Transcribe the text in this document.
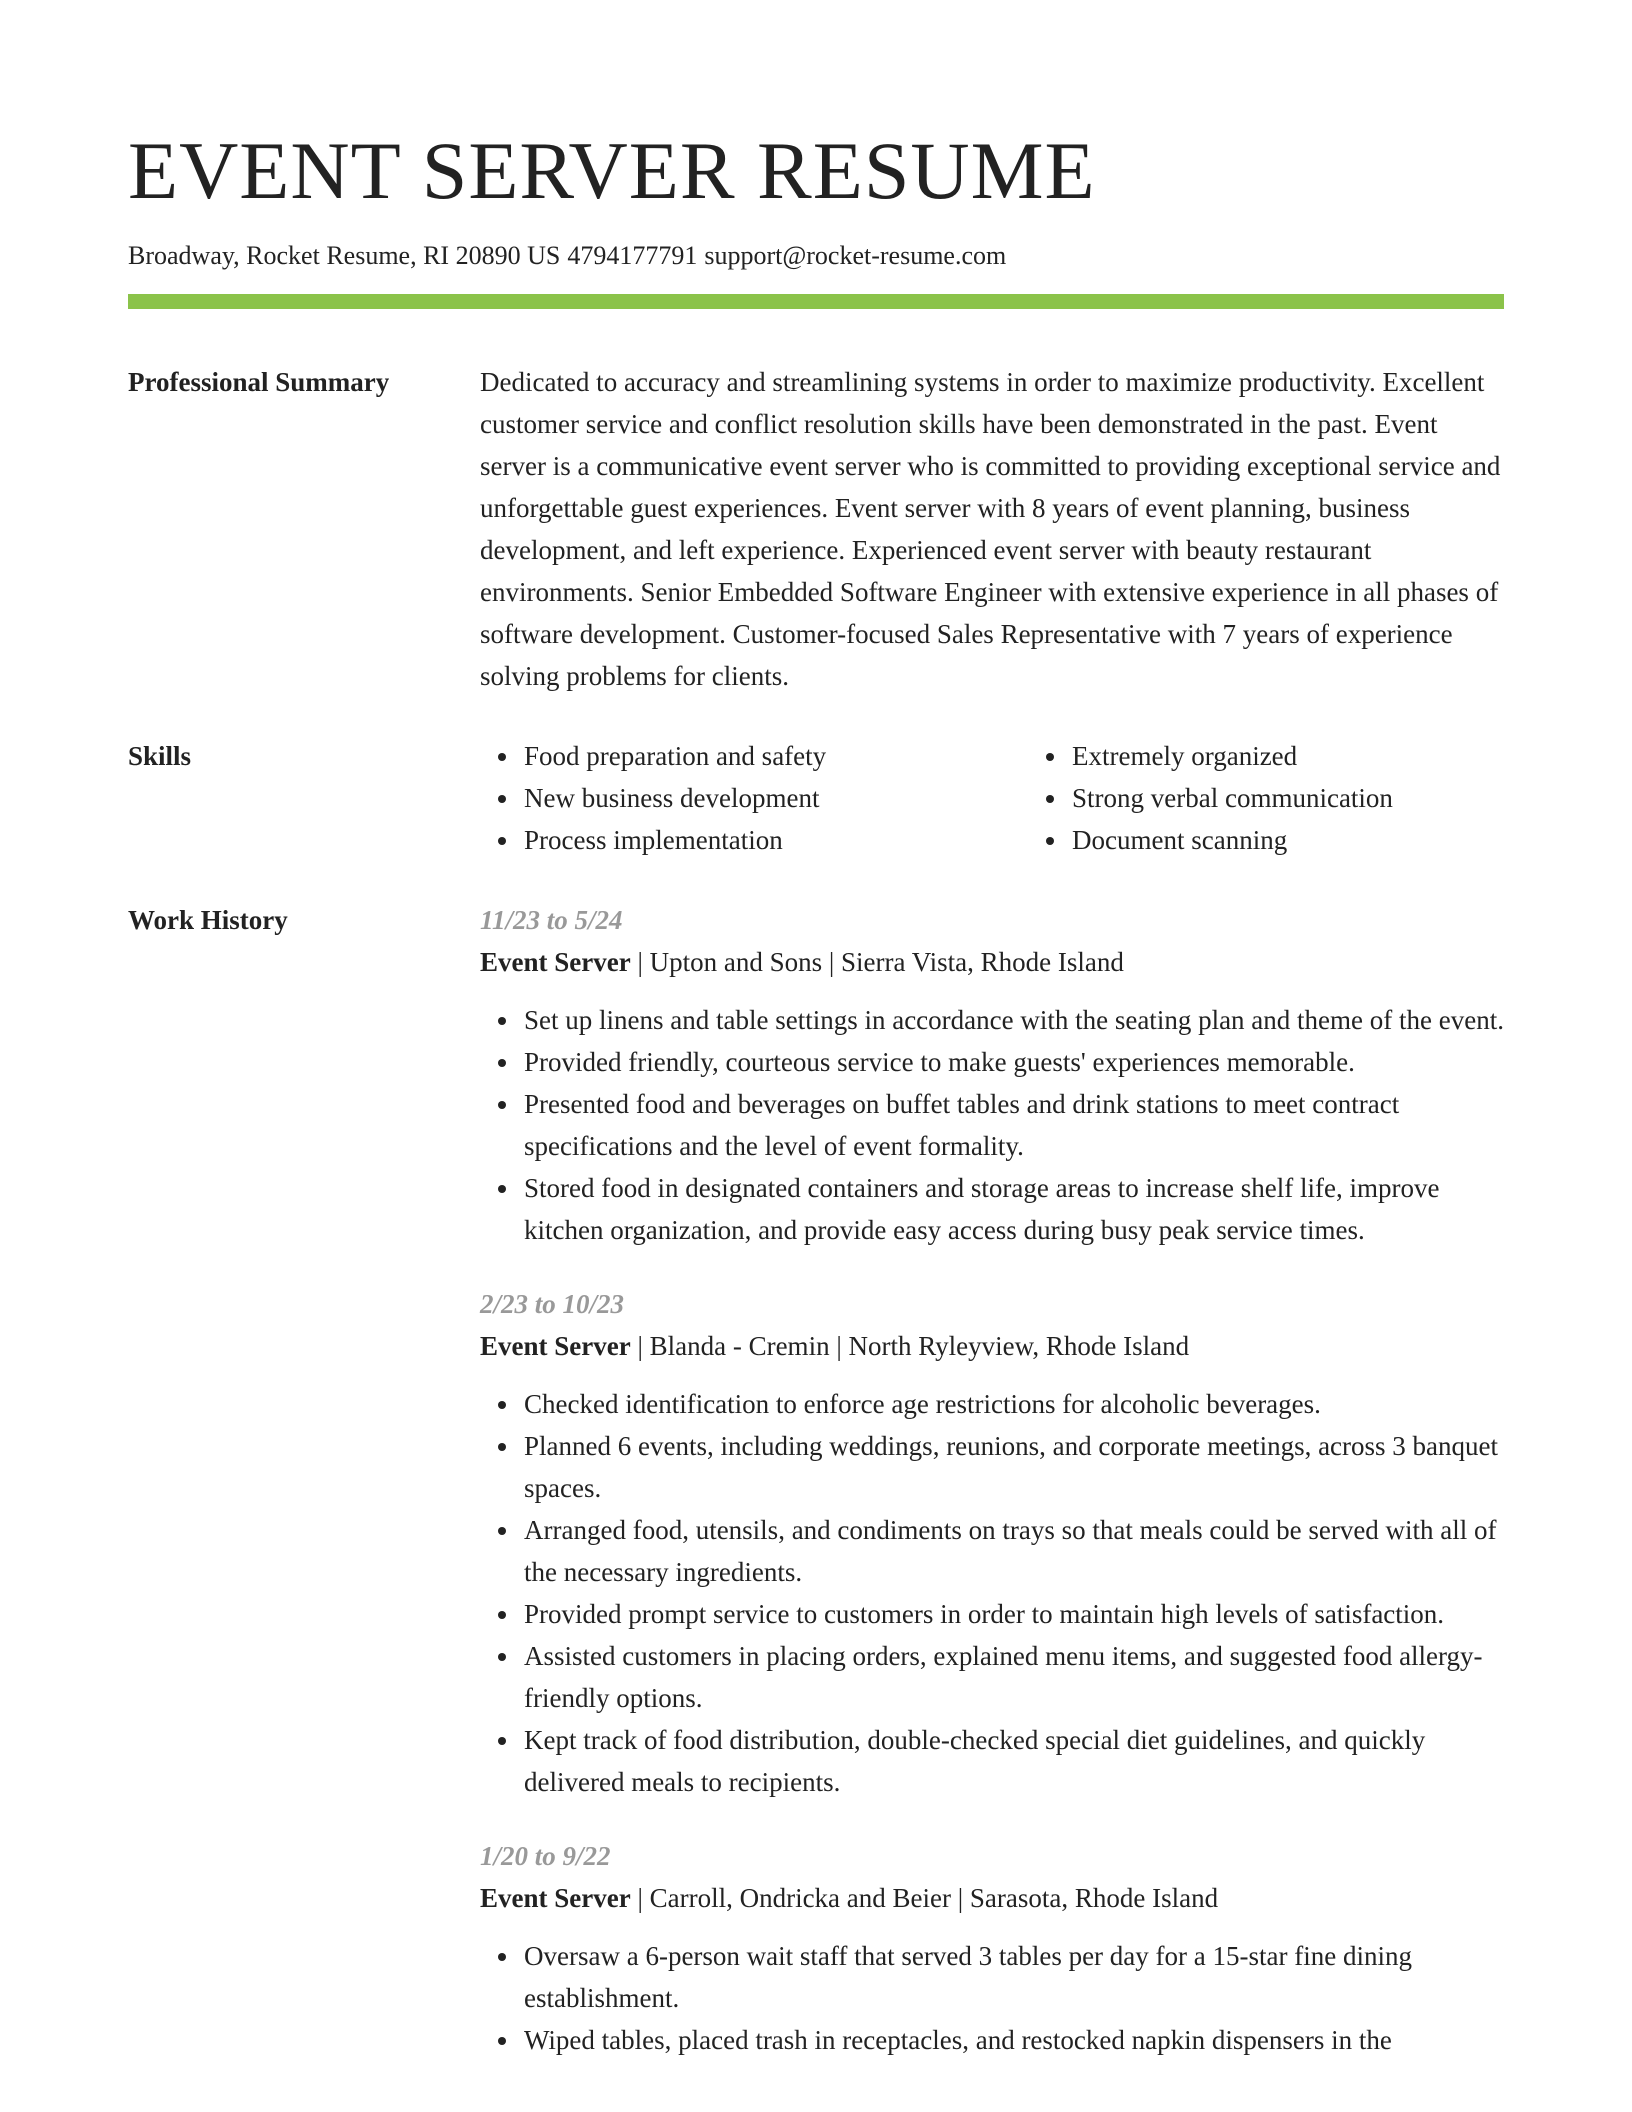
EVENT SERVER RESUME
Broadway, Rocket Resume, RI 20890 US 4794177791 support@rocket-resume.com
Professional Summary	Dedicated to accuracy and streamlining systems in order to maximize productivity. Excellent customer service and conflict resolution skills have been demonstrated in the past. Event server is a communicative event server who is committed to providing exceptional service and unforgettable guest experiences. Event server with 8 years of event planning, business development, and left experience. Experienced event server with beauty restaurant environments. Senior Embedded Software Engineer with extensive experience in all phases of software development. Customer-focused Sales Representative with 7 years of experience solving problems for clients.
Skills	Food preparation and safety
New business development
Process implementation
Extremely organized
Strong verbal communication
Document scanning
Work History	11/23 to 5/24
Event Server | Upton and Sons | Sierra Vista, Rhode Island
Set up linens and table settings in accordance with the seating plan and theme of the event.
Provided friendly, courteous service to make guests' experiences memorable.
Presented food and beverages on buffet tables and drink stations to meet contract specifications and the level of event formality.
Stored food in designated containers and storage areas to increase shelf life, improve kitchen organization, and provide easy access during busy peak service times.
2/23 to 10/23
Event Server | Blanda - Cremin | North Ryleyview, Rhode Island
Checked identification to enforce age restrictions for alcoholic beverages.
Planned 6 events, including weddings, reunions, and corporate meetings, across 3 banquet spaces.
Arranged food, utensils, and condiments on trays so that meals could be served with all of the necessary ingredients.
Provided prompt service to customers in order to maintain high levels of satisfaction.
Assisted customers in placing orders, explained menu items, and suggested food allergy-friendly options.
Kept track of food distribution, double-checked special diet guidelines, and quickly delivered meals to recipients.
1/20 to 9/22
Event Server | Carroll, Ondricka and Beier | Sarasota, Rhode Island
Oversaw a 6-person wait staff that served 3 tables per day for a 15-star fine dining establishment.
Wiped tables, placed trash in receptacles, and restocked napkin dispensers in the
